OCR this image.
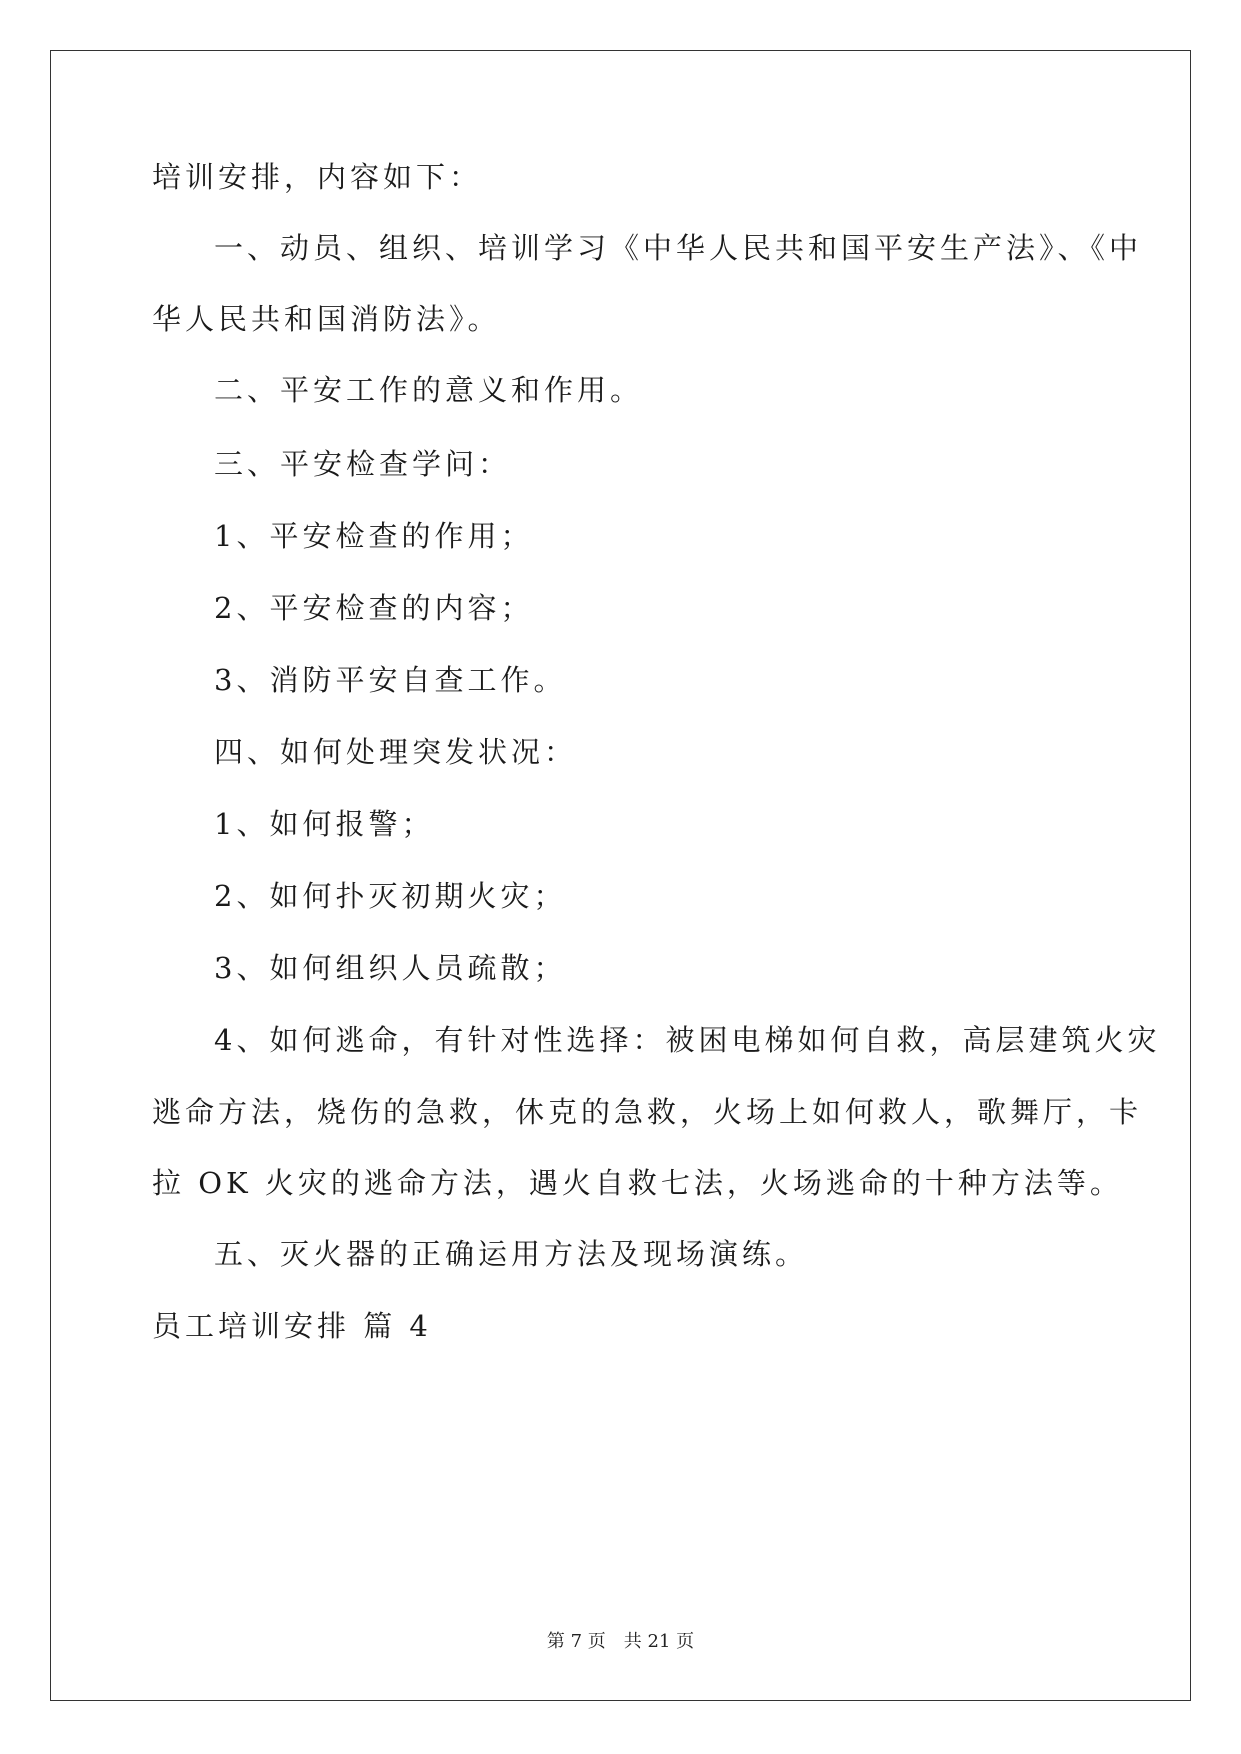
培训安排，内容如下：
一、动员、组织、培训学习《中华人民共和国平安生产法》、《中
华人民共和国消防法》。
二、平安工作的意义和作用。
三、平安检查学问：
1、平安检查的作用；
2、平安检查的内容；
3、消防平安自查工作。
四、如何处理突发状况：
1、如何报警；
2、如何扑灭初期火灾；
3、如何组织人员疏散；
4、如何逃命，有针对性选择：被困电梯如何自救，高层建筑火灾
逃命方法，烧伤的急救，休克的急救，火场上如何救人，歌舞厅，卡
拉 OK 火灾的逃命方法，遇火自救七法，火场逃命的十种方法等。
五、灭火器的正确运用方法及现场演练。
员工培训安排 篇 4
第 7 页 共 21 页
